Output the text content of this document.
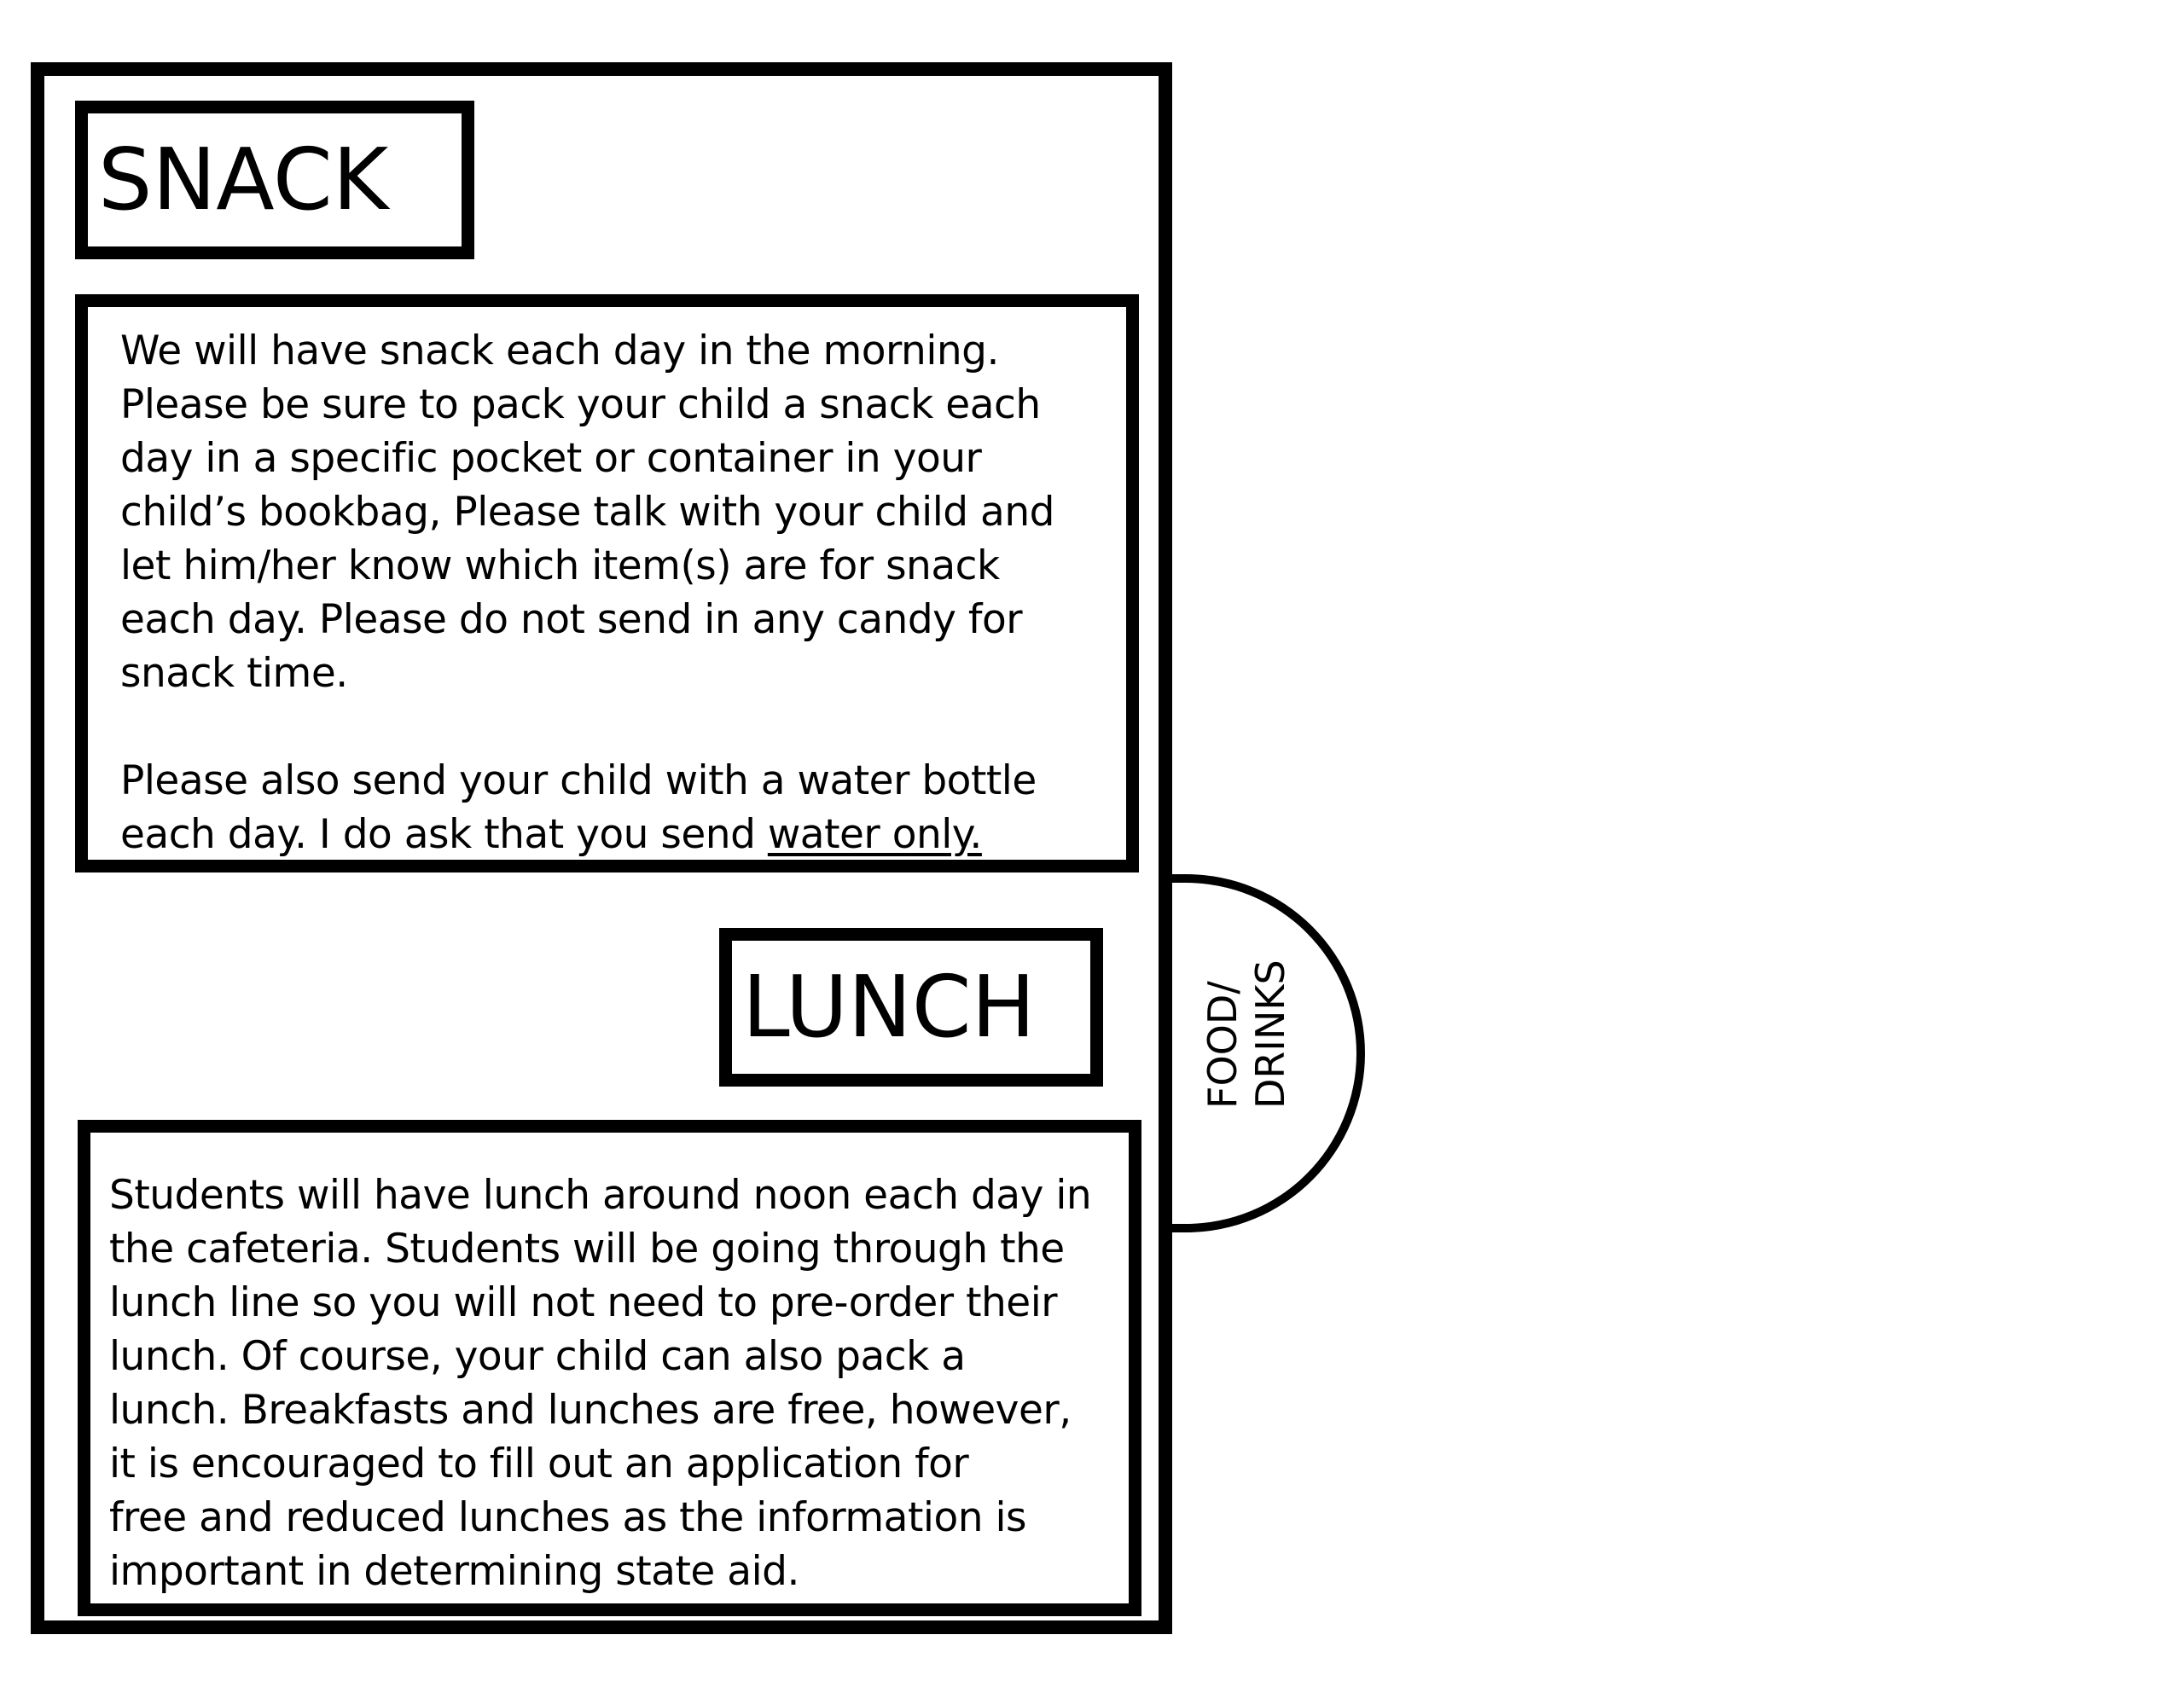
FOOD/
DRINKS
SNACK

We will have snack each day in the morning.
Please be sure to pack your child a snack each
day in a specific pocket or container in your
child’s bookbag, Please talk with your child and
let him/her know which item(s) are for snack
each day. Please do not send in any candy for
snack time.

Please also send your child with a water bottle
each day. I do ask that you send water only.

LUNCH

Students will have lunch around noon each day in
the cafeteria. Students will be going through the
lunch line so you will not need to pre-order their
lunch. Of course, your child can also pack a
lunch. Breakfasts and lunches are free, however,
it is encouraged to fill out an application for
free and reduced lunches as the information is
important in determining state aid.
